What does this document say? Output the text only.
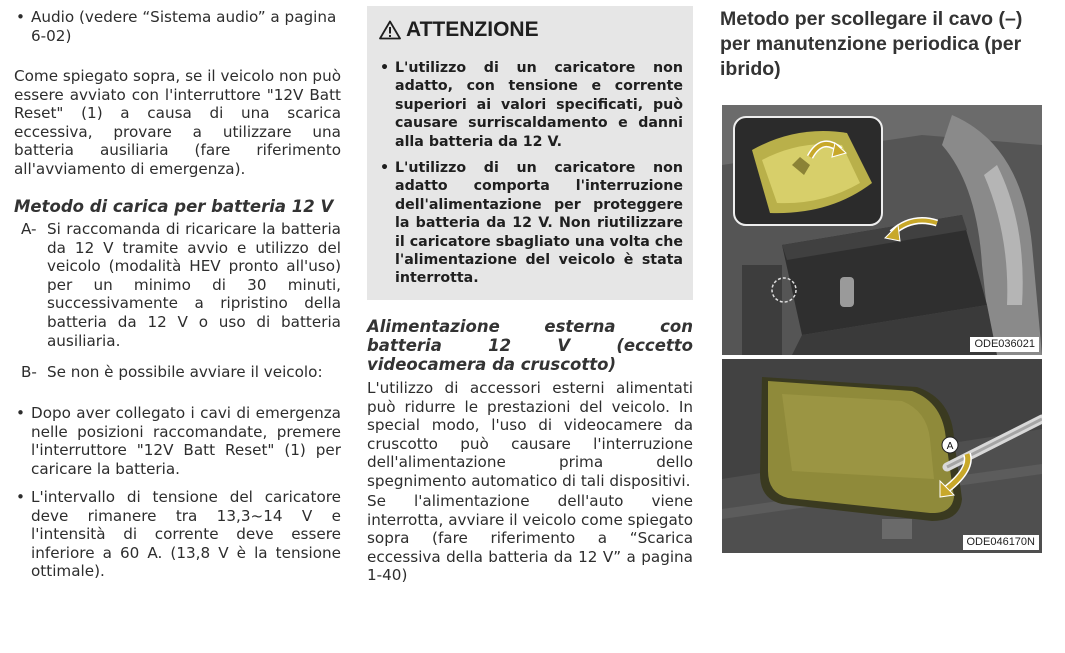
• Audio (vedere “Sistema audio” a pagina 6-02)

Come spiegato sopra, se il veicolo non può essere avviato con l'interruttore "12V Batt Reset" (1) a causa di una scarica eccessiva, provare a utilizzare una batteria ausiliaria (fare riferimento all'avviamento di emergenza).

Metodo di carica per batteria 12 V

A- Si raccomanda di ricaricare la batteria da 12 V tramite avvio e utilizzo del veicolo (modalità HEV pronto all'uso) per un minimo di 30 minuti, successivamente a ripristino della batteria da 12 V o uso di batteria ausiliaria.
B- Se non è possibile avviare il veicolo:

• Dopo aver collegato i cavi di emergenza nelle posizioni raccomandate, premere l'interruttore "12V Batt Reset" (1) per caricare la batteria.

• L'intervallo di tensione del caricatore deve rimanere tra 13,3~14 V e l'intensità di corrente deve essere inferiore a 60 A. (13,8 V è la tensione ottimale).

ATTENZIONE

• L'utilizzo di un caricatore non adatto, con tensione e corrente superiori ai valori specificati, può causare surriscaldamento e danni alla batteria da 12 V.

• L'utilizzo di un caricatore non adatto comporta l'interruzione dell'alimentazione per proteggere la batteria da 12 V. Non riutilizzare il caricatore sbagliato una volta che l'alimentazione del veicolo è stata interrotta.

Alimentazione esterna con batteria 12 V (eccetto videocamera da cruscotto)

L'utilizzo di accessori esterni alimentati può ridurre le prestazioni del veicolo. In special modo, l'uso di videocamere da cruscotto può causare l'interruzione dell'alimentazione prima dello spegnimento automatico di tali dispositivi.

Se l'alimentazione dell'auto viene interrotta, avviare il veicolo come spiegato sopra (fare riferimento a “Scarica eccessiva della batteria da 12 V” a pagina 1-40)

Metodo per scollegare il cavo (–) per manutenzione periodica (per ibrido)

ODE036021
A
ODE046170N
